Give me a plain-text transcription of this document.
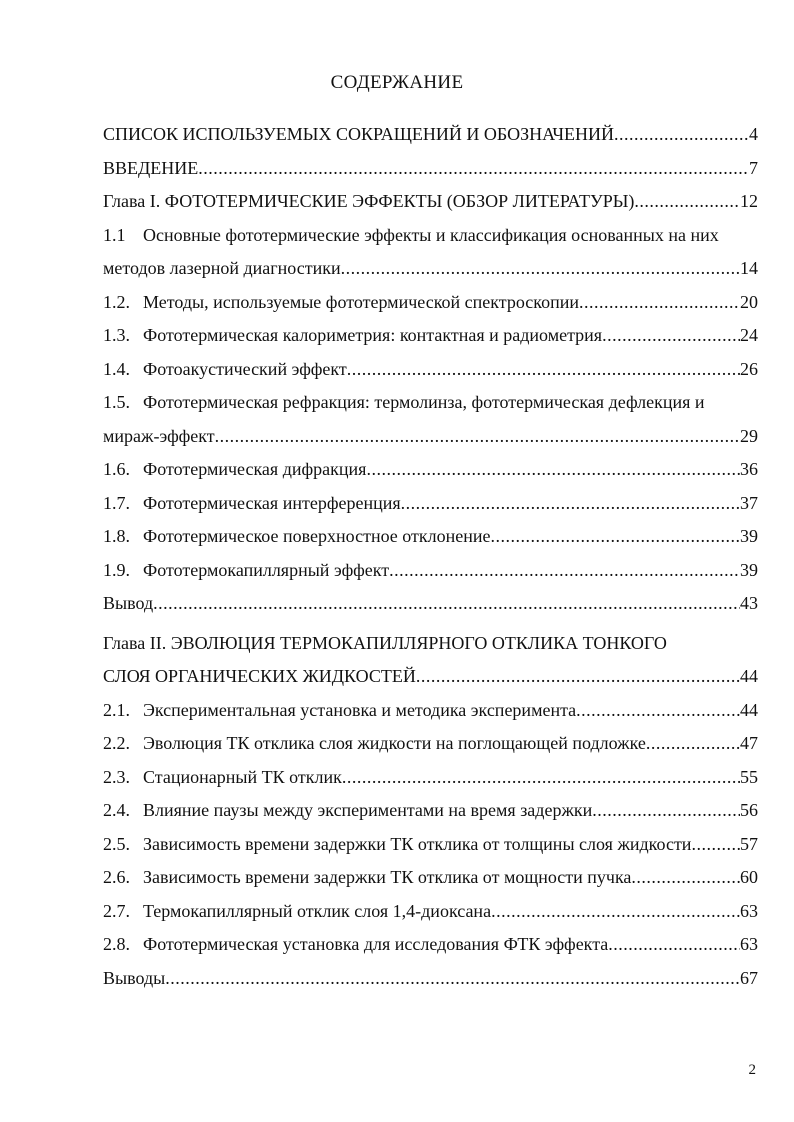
СОДЕРЖАНИЕ
СПИСОК ИСПОЛЬЗУЕМЫХ СОКРАЩЕНИЙ И ОБОЗНАЧЕНИЙ .....	4
ВВЕДЕНИЕ .....	7
Глава I. ФОТОТЕРМИЧЕСКИЕ ЭФФЕКТЫ (ОБЗОР ЛИТЕРАТУРЫ) .....	12
1.1 Основные фототермические эффекты и классификация основанных на них
методов лазерной диагностики .....	14
1.2. Методы, используемые фототермической спектроскопии .....	20
1.3. Фототермическая калориметрия: контактная и радиометрия .....	24
1.4. Фотоакустический эффект .....	26
1.5. Фототермическая рефракция: термолинза, фототермическая дефлекция и
мираж-эффект .....	29
1.6. Фототермическая дифракция .....	36
1.7. Фототермическая интерференция .....	37
1.8. Фототермическое поверхностное отклонение .....	39
1.9. Фототермокапиллярный эффект .....	39
Вывод .....	43
Глава II. ЭВОЛЮЦИЯ ТЕРМОКАПИЛЛЯРНОГО ОТКЛИКА ТОНКОГО
СЛОЯ ОРГАНИЧЕСКИХ ЖИДКОСТЕЙ .....	44
2.1. Экспериментальная установка и методика эксперимента .....	44
2.2. Эволюция ТК отклика слоя жидкости на поглощающей подложке .....	47
2.3. Стационарный ТК отклик .....	55
2.4. Влияние паузы между экспериментами на время задержки .....	56
2.5. Зависимость времени задержки ТК отклика от толщины слоя жидкости .....	57
2.6. Зависимость времени задержки ТК отклика от мощности пучка .....	60
2.7. Термокапиллярный отклик слоя 1,4-диоксана .....	63
2.8. Фототермическая установка для исследования ФТК эффекта .....	63
Выводы .....	67
2
